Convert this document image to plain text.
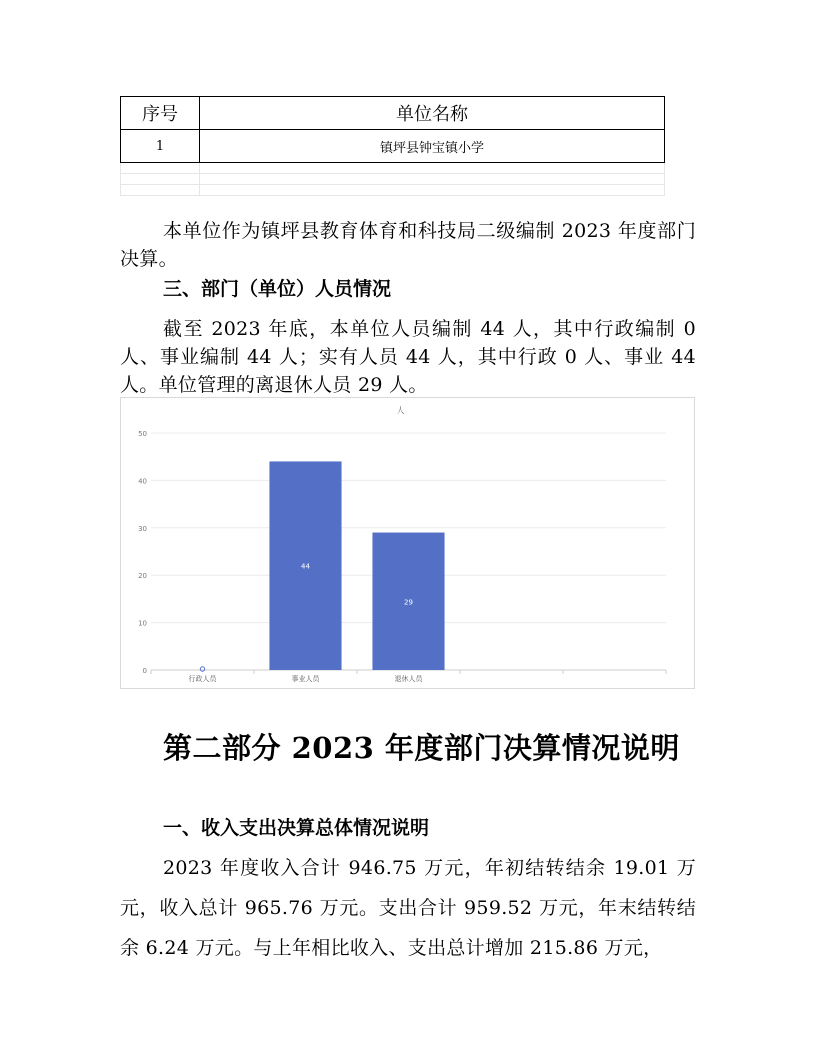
序号	单位名称
1	镇坪县钟宝镇小学

本单位作为镇坪县教育体育和科技局二级编制 2023 年度部门决算。

三、部门（单位）人员情况

截至 2023 年底，本单位人员编制 44 人，其中行政编制 0 人、事业编制 44 人；实有人员 44 人，其中行政 0 人、事业 44 人。单位管理的离退休人员 29 人。

人
0
10
20
30
40
50
行政人员	事业人员
44
退休人员
29
第二部分 2023 年度部门决算情况说明
一、收入支出决算总体情况说明

2023 年度收入合计 946.75 万元，年初结转结余 19.01 万元，收入总计 965.76 万元。支出合计 959.52 万元，年末结转结余 6.24 万元。与上年相比收入、支出总计增加 215.86 万元，
